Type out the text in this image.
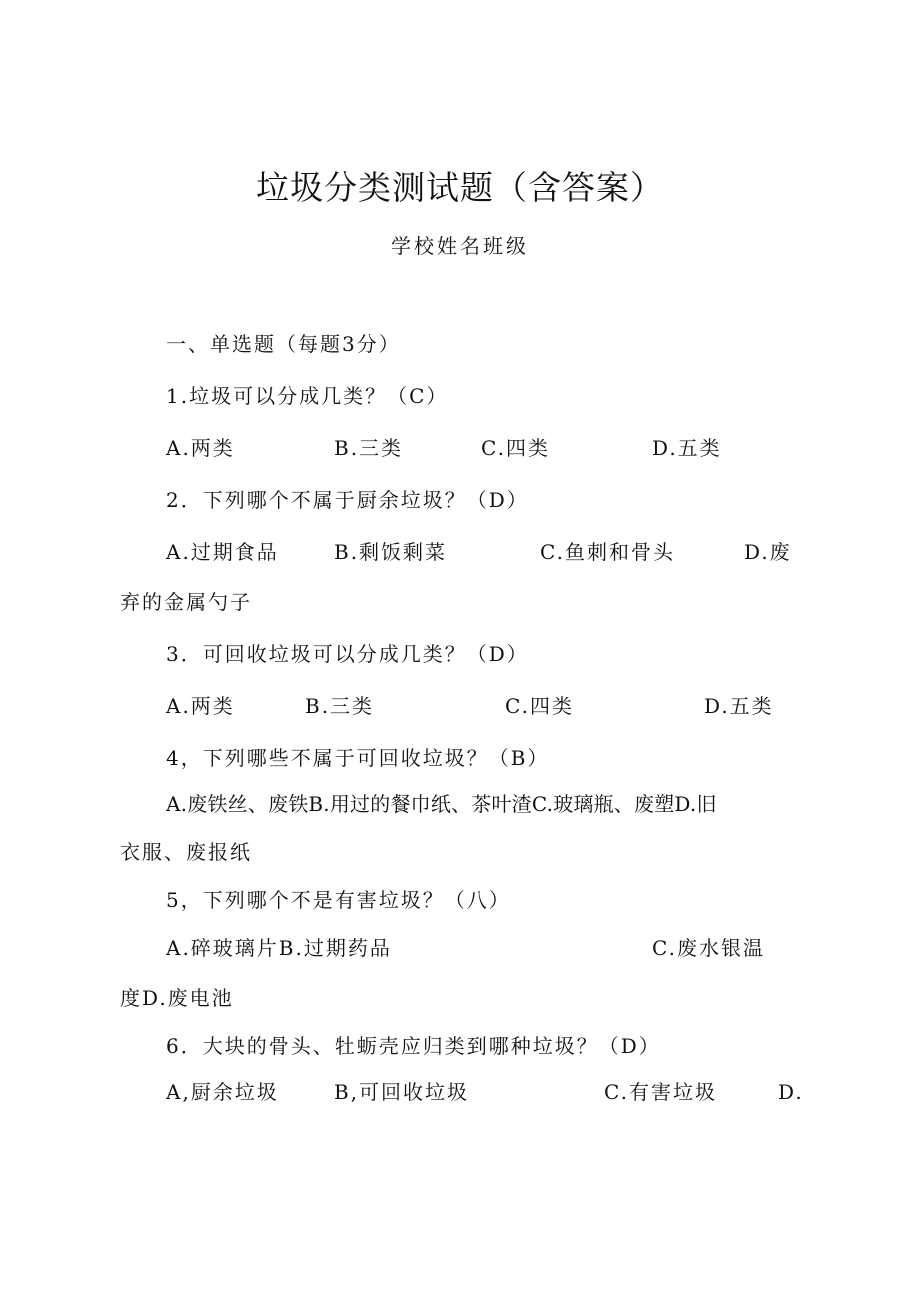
垃圾分类测试题（含答案）
学校姓名班级
一、单选题（每题3分）
1.垃圾可以分成几类？（C）
A.两类	B.三类	C.四类	D.五类
2．下列哪个不属于厨余垃圾？（D）
A.过期食品	B.剩饭剩菜	C.鱼刺和骨头	D.废
弃的金属勺子
3．可回收垃圾可以分成几类？（D）
A.两类	B.三类	C.四类	D.五类
4，下列哪些不属于可回收垃圾？（B）
A.废铁丝、废铁B.用过的餐巾纸、茶叶渣C.玻璃瓶、废塑D.旧
衣服、废报纸
5，下列哪个不是有害垃圾？（八）
A.碎玻璃片B.过期药品	C.废水银温
度D.废电池
6．大块的骨头、牡蛎壳应归类到哪种垃圾？（D）
A,厨余垃圾	B,可回收垃圾	C.有害垃圾	D.
